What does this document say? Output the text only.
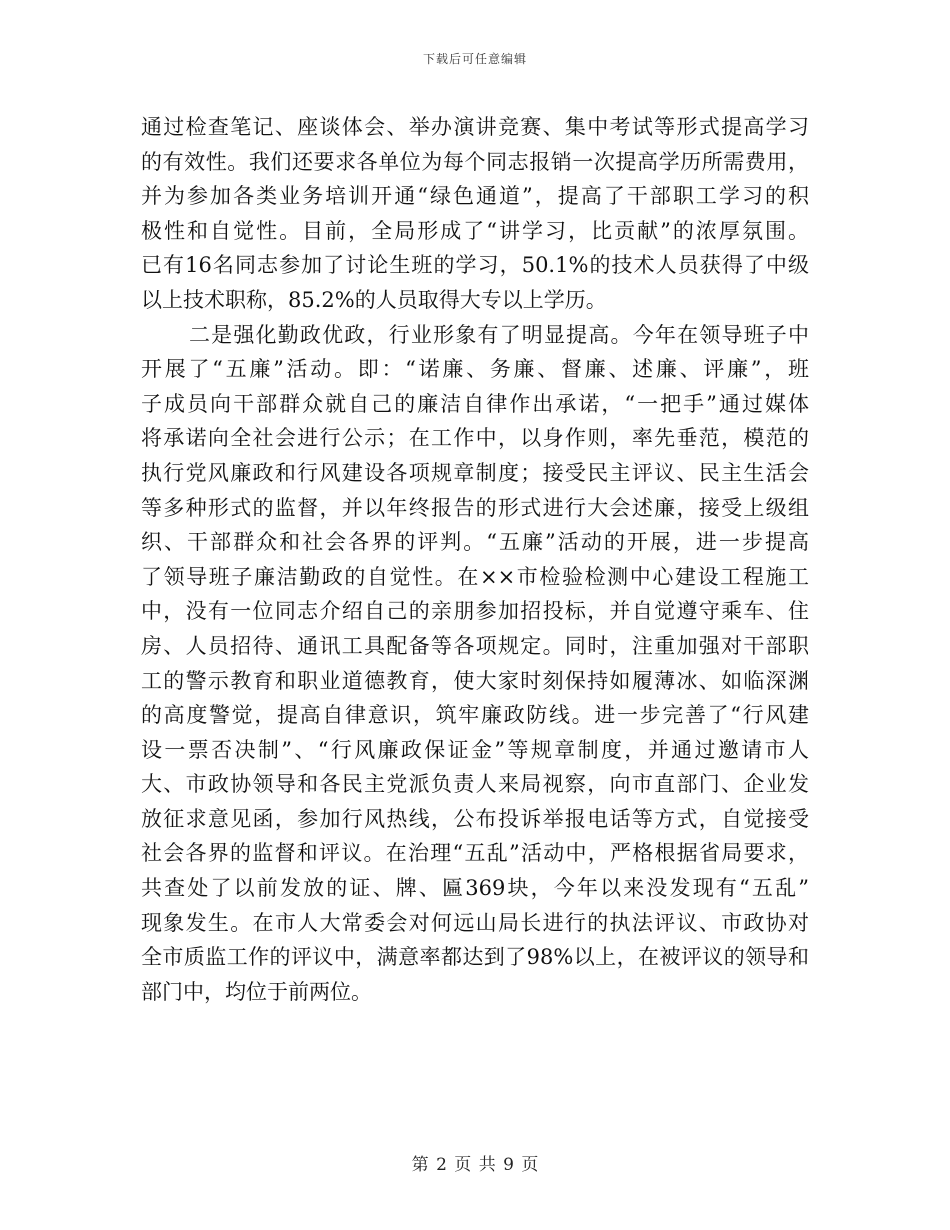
下载后可任意编辑
通过检查笔记、座谈体会、举办演讲竞赛、集中考试等形式提高学习
的有效性。我们还要求各单位为每个同志报销一次提高学历所需费用，
并为参加各类业务培训开通“绿色通道”，提高了干部职工学习的积
极性和自觉性。目前，全局形成了“讲学习，比贡献”的浓厚氛围。
已有16名同志参加了讨论生班的学习，50.1%的技术人员获得了中级
以上技术职称，85.2%的人员取得大专以上学历。
二是强化勤政优政，行业形象有了明显提高。今年在领导班子中
开展了“五廉”活动。即：“诺廉、务廉、督廉、述廉、评廉”，班
子成员向干部群众就自己的廉洁自律作出承诺，“一把手”通过媒体
将承诺向全社会进行公示；在工作中，以身作则，率先垂范，模范的
执行党风廉政和行风建设各项规章制度；接受民主评议、民主生活会
等多种形式的监督，并以年终报告的形式进行大会述廉，接受上级组
织、干部群众和社会各界的评判。“五廉”活动的开展，进一步提高
了领导班子廉洁勤政的自觉性。在××市检验检测中心建设工程施工
中，没有一位同志介绍自己的亲朋参加招投标，并自觉遵守乘车、住
房、人员招待、通讯工具配备等各项规定。同时，注重加强对干部职
工的警示教育和职业道德教育，使大家时刻保持如履薄冰、如临深渊
的高度警觉，提高自律意识，筑牢廉政防线。进一步完善了“行风建
设一票否决制”、“行风廉政保证金”等规章制度，并通过邀请市人
大、市政协领导和各民主党派负责人来局视察，向市直部门、企业发
放征求意见函，参加行风热线，公布投诉举报电话等方式，自觉接受
社会各界的监督和评议。在治理“五乱”活动中，严格根据省局要求，
共查处了以前发放的证、牌、匾369块，今年以来没发现有“五乱”
现象发生。在市人大常委会对何远山局长进行的执法评议、市政协对
全市质监工作的评议中，满意率都达到了98%以上，在被评议的领导和
部门中，均位于前两位。
第 2 页 共 9 页
